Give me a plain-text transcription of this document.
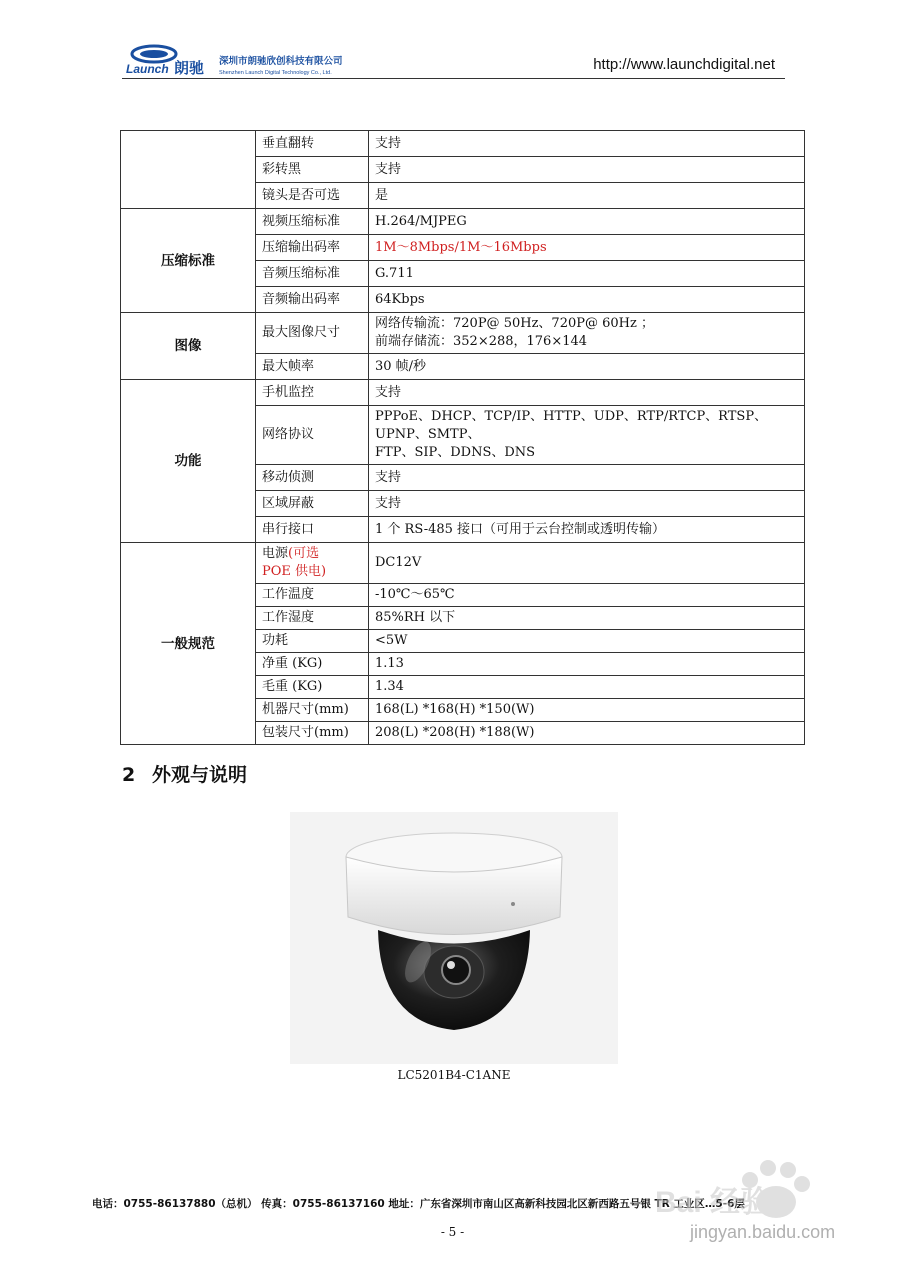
Launch 朗驰 深圳市朗驰欣创科技有限公司
Shenzhen Launch Digital Technology Co., Ltd.	http://www.launchdigital.net
	垂直翻转	支持
	彩转黑	支持
	镜头是否可选	是
压缩标准	视频压缩标准	H.264/MJPEG
	压缩输出码率	1M～8Mbps/1M～16Mbps
	音频压缩标准	G.711
	音频输出码率	64Kbps
图像	最大图像尺寸	网络传输流：720P@ 50Hz、720P@ 60Hz ；
前端存储流：352×288，176×144
	最大帧率	30 帧/秒
功能	手机监控	支持
	网络协议	PPPoE、DHCP、TCP/IP、HTTP、UDP、RTP/RTCP、RTSP、UPNP、SMTP、
FTP、SIP、DDNS、DNS
	移动侦测	支持
	区域屏蔽	支持
	串行接口	1 个 RS-485 接口（可用于云台控制或透明传输）
一般规范	电源(可选
POE 供电)	DC12V
	工作温度	-10℃～65℃
	工作湿度	85%RH 以下
	功耗	<5W
	净重 (KG)	1.13
	毛重 (KG)	1.34
	机器尺寸(mm)	168(L) *168(H) *150(W)
	包装尺寸(mm)	208(L) *208(H) *188(W)
2 外观与说明
LC5201B4-C1ANE
电话：0755-86137880（总机） 传真：0755-86137160 地址：广东省深圳市南山区高新科技园北区新西路五号银 TR 工业区…5-6层
- 5 -
Bai 经验
jingyan.baidu.com
